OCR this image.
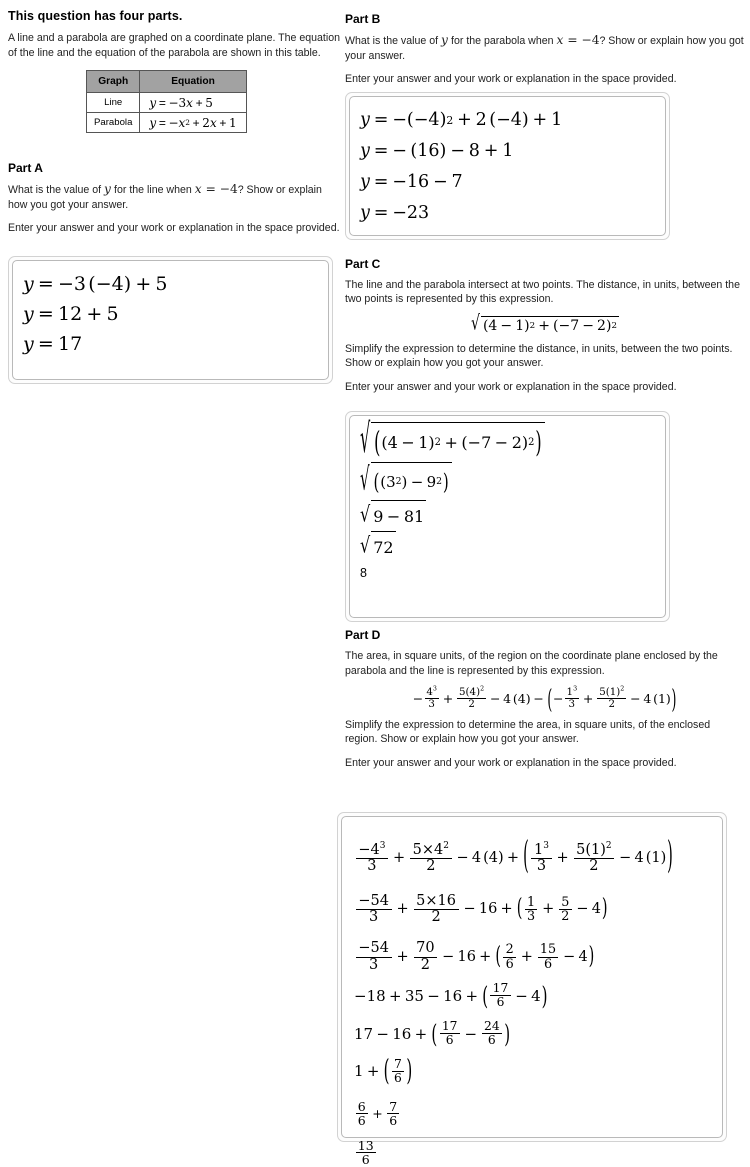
This question has four parts.
A line and a parabola are graphed on a coordinate plane. The equation of the line and the equation of the parabola are shown in this table.
Graph	Equation
Line	y = −3 x + 5

Parabola	y = − x 2 + 2 x + 1
Part A
What is the value of y for the line when x = −4? Show or explain how you got your answer.
Enter your answer and your work or explanation in the space provided.
y = −3 ( −4 ) + 5
y = 12 + 5
y = 17
Part B
What is the value of y for the parabola when x = −4? Show or explain how you got your answer.
Enter your answer and your work or explanation in the space provided.
Part C
The line and the parabola intersect at two points. The distance, in units, between the two points is represented by this expression.
√ ( 4 − 1 ) 2 + ( −7 − 2 ) 2
Simplify the expression to determine the distance, in units, between the two points. Show or explain how you got your answer.
Enter your answer and your work or explanation in the space provided.
Part D
The area, in square units, of the region on the coordinate plane enclosed by the parabola and the line is represented by this expression.
− $\frac{4^3}{3} + \frac{5(4)^2}{2} - 4$ ( 4 ) − ( − $\frac{1^3}{3} + \frac{5(1)^2}{2} - 4$ ( 1 ) )
Simplify the expression to determine the area, in square units, of the enclosed region. Show or explain how you got your answer.
Enter your answer and your work or explanation in the space provided.
y = − ( −4 ) 2 + 2 ( −4 ) + 1
y = − ( 16 ) − 8 + 1
y = −16 − 7
y = −23
√ ( ( 4 − 1 ) 2 + ( −7 − 2 ) 2 )
√ ( ( 3 2 ) − 9 2 )
√ 9 − 81
√ 72
8
$\frac{-4^3}{3} + \frac{5\times 4^2}{2} - 4$ ( 4 ) + ( $\frac{1^3}{3} + \frac{5(1)^2}{2} - 4$ ( 1 ) )
$\frac{-54}{3} + \frac{5\times 16}{2} - 16$ + ( $\frac{1}{3} + \frac{5}{2} - 4$ )
$\frac{-54}{3} + \frac{70}{2} - 16$ + ( $\frac{2}{6} + \frac{15}{6} - 4$ )
−18 + 35 − 16 + ( $\frac{17}{6} - 4$ )
17 − 16 + ( $\frac{17}{6} - \frac{24}{6}$ )
1 + ( $\frac{7}{6}$ )
$\frac{6}{6} + \frac{7}{6}$
$\frac{13}{6}$
